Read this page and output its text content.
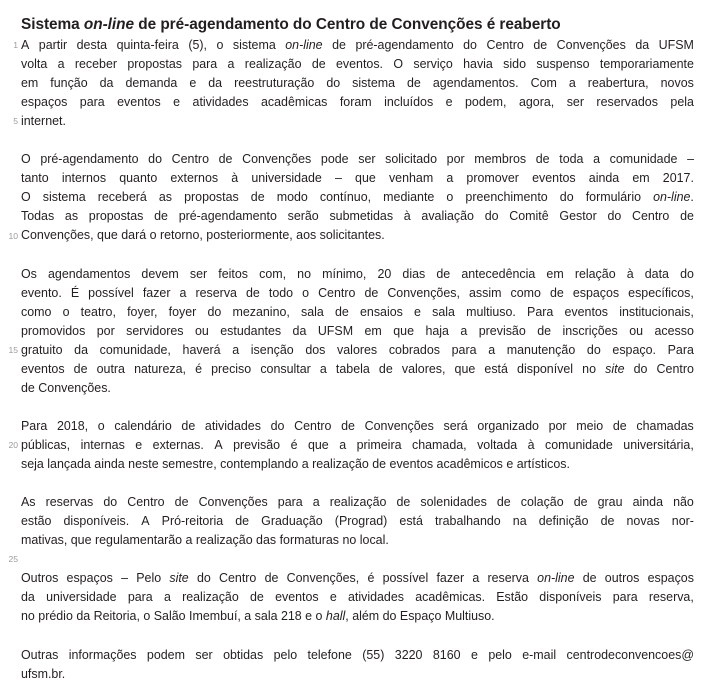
Sistema on-line de pré-agendamento do Centro de Convenções é reaberto
1
5
10
15
20
25
A partir desta quinta-feira (5), o sistema on-line de pré-agendamento do Centro de Convenções da UFSM
volta a receber propostas para a realização de eventos. O serviço havia sido suspenso temporariamente
em função da demanda e da reestruturação do sistema de agendamentos. Com a reabertura, novos
espaços para eventos e atividades acadêmicas foram incluídos e podem, agora, ser reservados pela
internet.

O pré-agendamento do Centro de Convenções pode ser solicitado por membros de toda a comunidade –
tanto internos quanto externos à universidade – que venham a promover eventos ainda em 2017.
O sistema receberá as propostas de modo contínuo, mediante o preenchimento do formulário on-line.
Todas as propostas de pré-agendamento serão submetidas à avaliação do Comitê Gestor do Centro de
Convenções, que dará o retorno, posteriormente, aos solicitantes.

Os agendamentos devem ser feitos com, no mínimo, 20 dias de antecedência em relação à data do
evento. É possível fazer a reserva de todo o Centro de Convenções, assim como de espaços específicos,
como o teatro, foyer, foyer do mezanino, sala de ensaios e sala multiuso. Para eventos institucionais,
promovidos por servidores ou estudantes da UFSM em que haja a previsão de inscrições ou acesso
gratuito da comunidade, haverá a isenção dos valores cobrados para a manutenção do espaço. Para
eventos de outra natureza, é preciso consultar a tabela de valores, que está disponível no site do Centro
de Convenções.

Para 2018, o calendário de atividades do Centro de Convenções será organizado por meio de chamadas
públicas, internas e externas. A previsão é que a primeira chamada, voltada à comunidade universitária,
seja lançada ainda neste semestre, contemplando a realização de eventos acadêmicos e artísticos.

As reservas do Centro de Convenções para a realização de solenidades de colação de grau ainda não
estão disponíveis. A Pró-reitoria de Graduação (Prograd) está trabalhando na definição de novas nor-
mativas, que regulamentarão a realização das formaturas no local.

Outros espaços – Pelo site do Centro de Convenções, é possível fazer a reserva on-line de outros espaços
da universidade para a realização de eventos e atividades acadêmicas. Estão disponíveis para reserva,
no prédio da Reitoria, o Salão Imembuí, a sala 218 e o hall, além do Espaço Multiuso.

Outras informações podem ser obtidas pelo telefone (55) 3220 8160 e pelo e-mail centrodeconvencoes@
ufsm.br.
